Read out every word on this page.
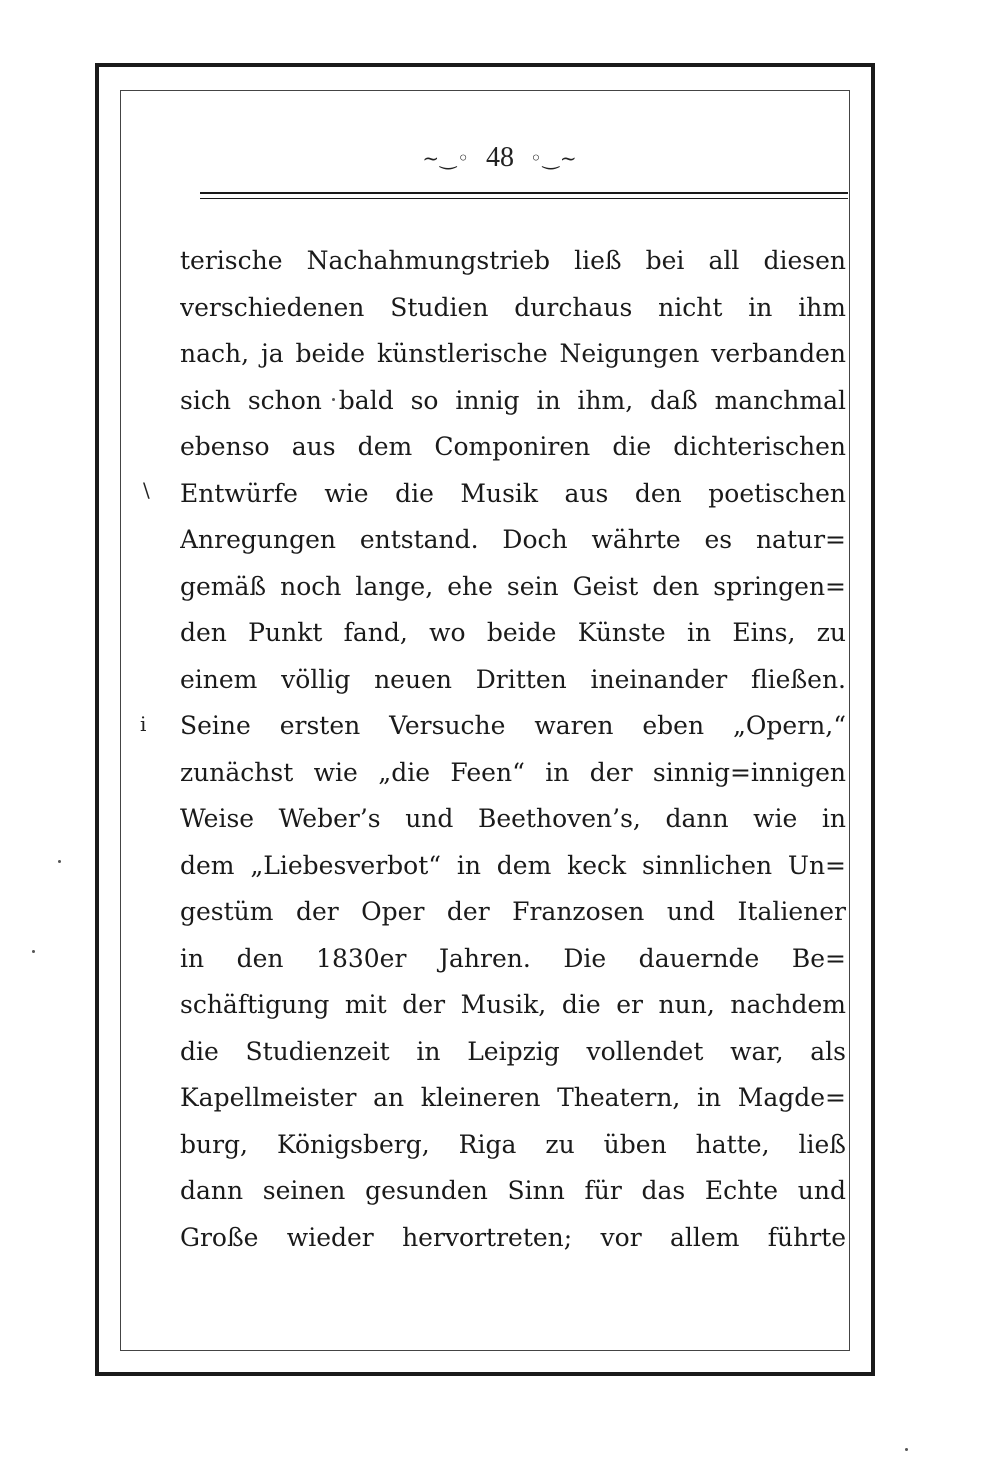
~‿◦ 48 ◦‿~
\
ⅰ
terische Nachahmungstrieb ließ bei all diesen
verschiedenen Studien durchaus nicht in ihm
nach, ja beide künstlerische Neigungen verbanden
sich schon bald so innig in ihm, daß manchmal
ebenso aus dem Componiren die dichterischen
Entwürfe wie die Musik aus den poetischen
Anregungen entstand. Doch währte es natur=
gemäß noch lange, ehe sein Geist den springen=
den Punkt fand, wo beide Künste in Eins, zu
einem völlig neuen Dritten ineinander fließen.
Seine ersten Versuche waren eben „Opern,“
zunächst wie „die Feen“ in der sinnig=innigen
Weise Weber’s und Beethoven’s, dann wie in
dem „Liebesverbot“ in dem keck sinnlichen Un=
gestüm der Oper der Franzosen und Italiener
in den 1830er Jahren. Die dauernde Be=
schäftigung mit der Musik, die er nun, nachdem
die Studienzeit in Leipzig vollendet war, als
Kapellmeister an kleineren Theatern, in Magde=
burg, Königsberg, Riga zu üben hatte, ließ
dann seinen gesunden Sinn für das Echte und
Große wieder hervortreten; vor allem führte
